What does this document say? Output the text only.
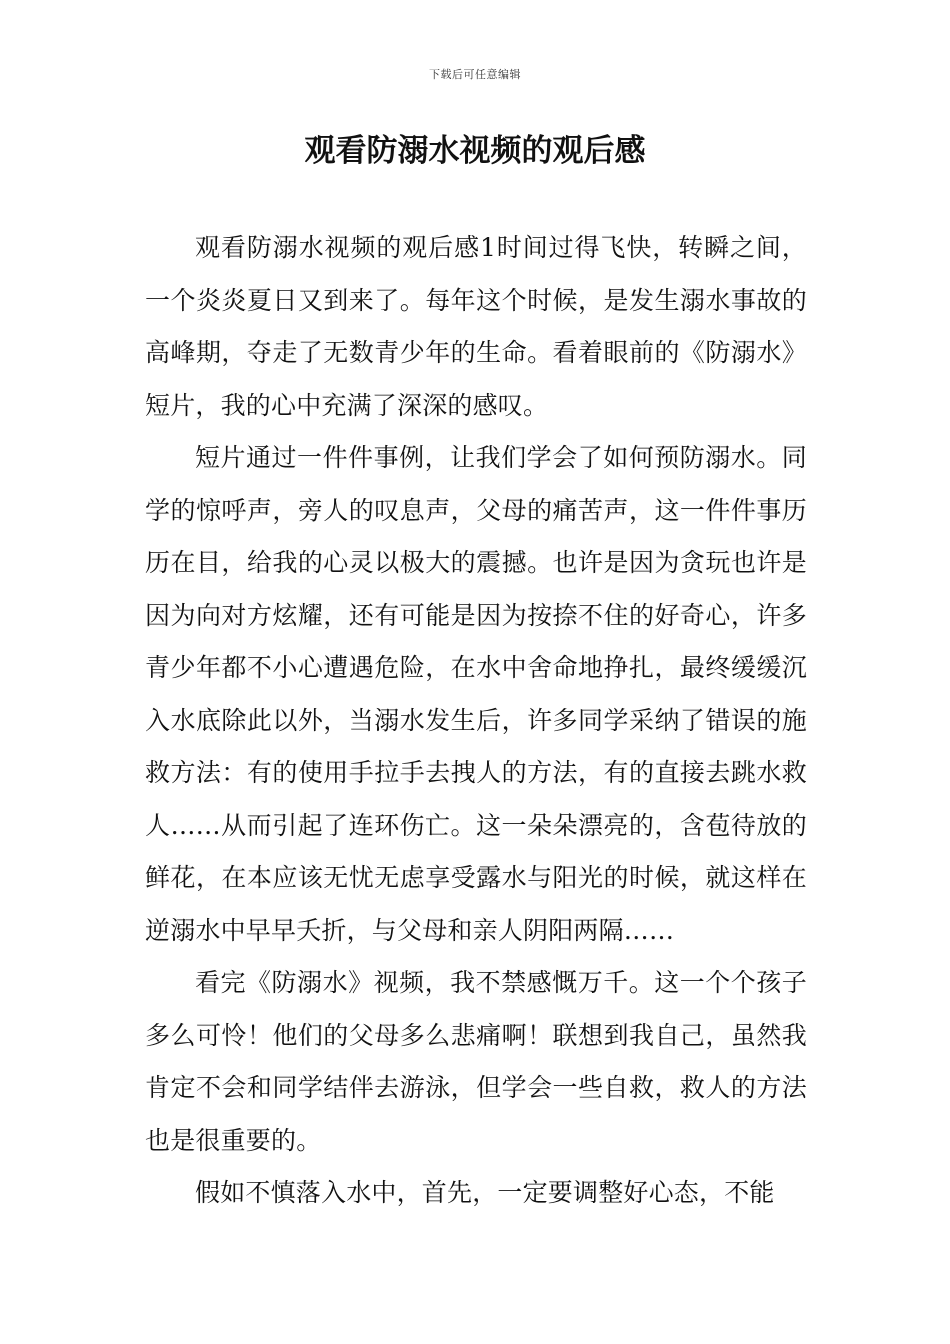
下载后可任意编辑
观看防溺水视频的观后感

观看防溺水视频的观后感1时间过得飞快，转瞬之间，一个炎炎夏日又到来了。每年这个时候，是发生溺水事故的高峰期，夺走了无数青少年的生命。看着眼前的《防溺水》短片，我的心中充满了深深的感叹。

短片通过一件件事例，让我们学会了如何预防溺水。同学的惊呼声，旁人的叹息声，父母的痛苦声，这一件件事历历在目，给我的心灵以极大的震撼。也许是因为贪玩也许是因为向对方炫耀，还有可能是因为按捺不住的好奇心，许多青少年都不小心遭遇危险，在水中舍命地挣扎，最终缓缓沉入水底除此以外，当溺水发生后，许多同学采纳了错误的施救方法：有的使用手拉手去拽人的方法，有的直接去跳水救人……从而引起了连环伤亡。这一朵朵漂亮的，含苞待放的鲜花，在本应该无忧无虑享受露水与阳光的时候，就这样在逆溺水中早早夭折，与父母和亲人阴阳两隔……

看完《防溺水》视频，我不禁感慨万千。这一个个孩子多么可怜！他们的父母多么悲痛啊！联想到我自己，虽然我肯定不会和同学结伴去游泳，但学会一些自救，救人的方法也是很重要的。

假如不慎落入水中，首先，一定要调整好心态，不能
